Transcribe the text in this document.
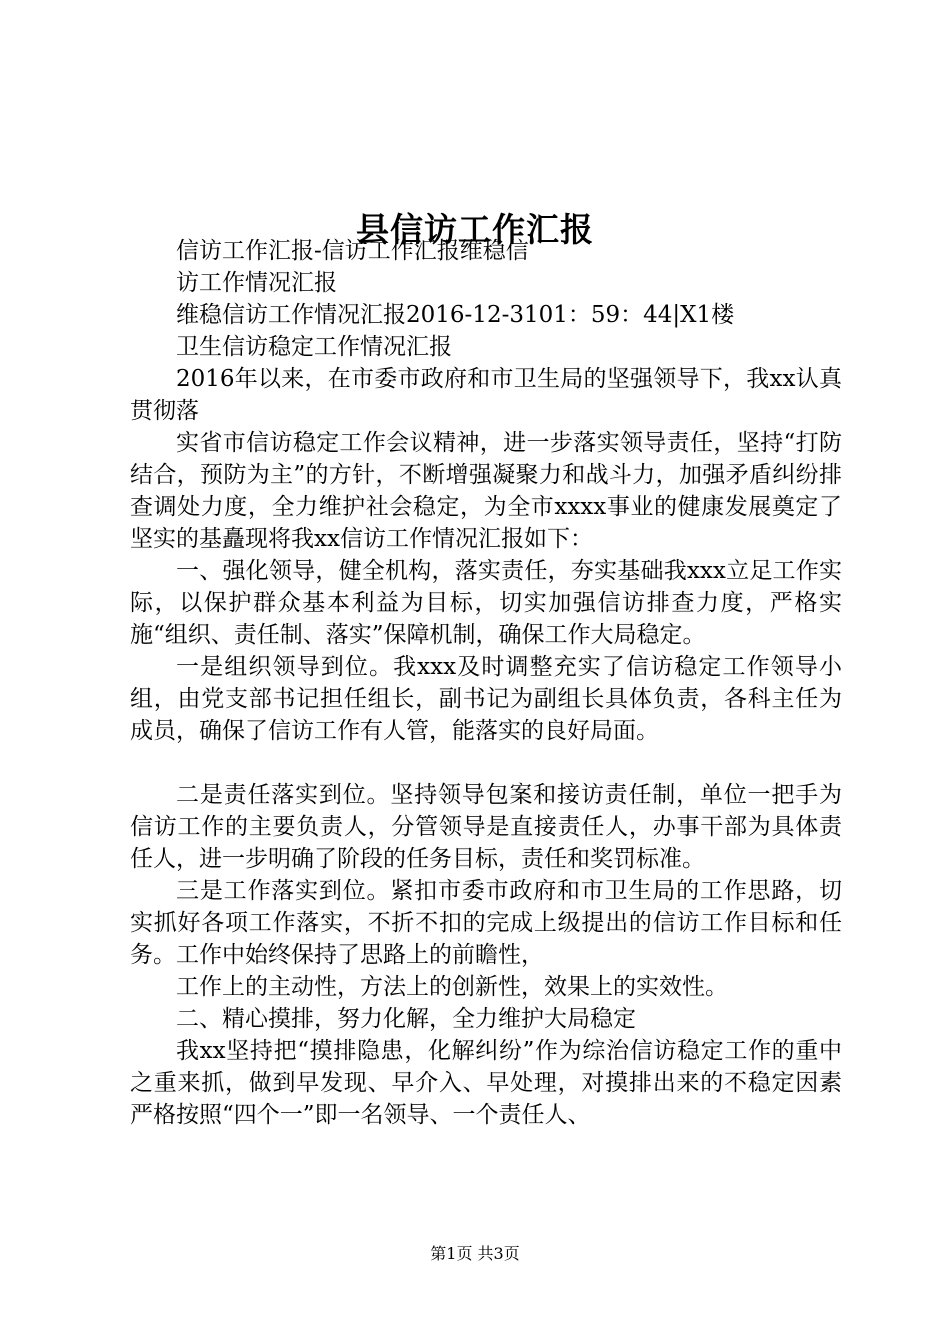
县信访工作汇报

信访工作汇报-信访工作汇报维稳信

访工作情况汇报

维稳信访工作情况汇报2016-12-3101：59：44|X1楼

卫生信访稳定工作情况汇报

2016年以来，在市委市政府和市卫生局的坚强领导下，我xx认真贯彻落

实省市信访稳定工作会议精神，进一步落实领导责任，坚持“打防结合，预防为主”的方针，不断增强凝聚力和战斗力，加强矛盾纠纷排查调处力度，全力维护社会稳定，为全市xxxx事业的健康发展奠定了坚实的基矗现将我xx信访工作情况汇报如下：

一、强化领导，健全机构，落实责任，夯实基础我xxx立足工作实际，以保护群众基本利益为目标，切实加强信访排查力度，严格实施“组织、责任制、落实”保障机制，确保工作大局稳定。

一是组织领导到位。我xxx及时调整充实了信访稳定工作领导小组，由党支部书记担任组长，副书记为副组长具体负责，各科主任为成员，确保了信访工作有人管，能落实的良好局面。

二是责任落实到位。坚持领导包案和接访责任制，单位一把手为信访工作的主要负责人，分管领导是直接责任人，办事干部为具体责任人，进一步明确了阶段的任务目标，责任和奖罚标准。

三是工作落实到位。紧扣市委市政府和市卫生局的工作思路，切实抓好各项工作落实，不折不扣的完成上级提出的信访工作目标和任务。工作中始终保持了思路上的前瞻性，

工作上的主动性，方法上的创新性，效果上的实效性。

二、精心摸排，努力化解，全力维护大局稳定

我xx坚持把“摸排隐患，化解纠纷”作为综治信访稳定工作的重中之重来抓，做到早发现、早介入、早处理，对摸排出来的不稳定因素严格按照“四个一”即一名领导、一个责任人、

第1页 共3页
